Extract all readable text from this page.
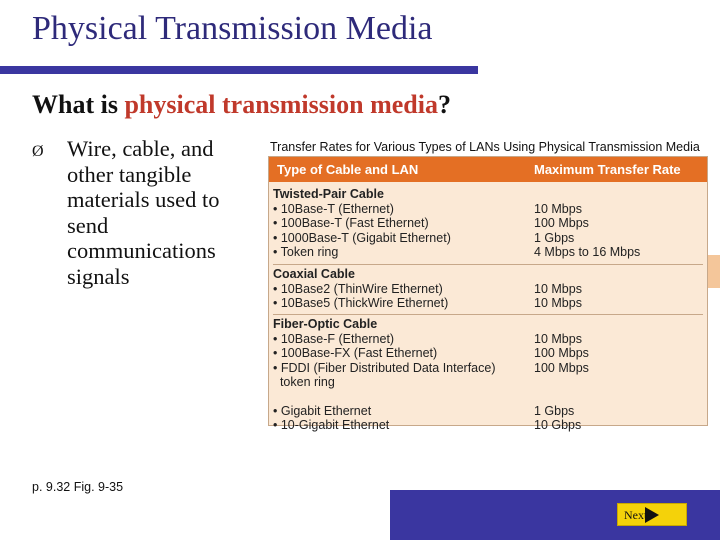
Physical Transmission Media
What is physical transmission media?
Ø Wire, cable, and other tangible materials used to send communications signals
Transfer Rates for Various Types of LANs Using Physical Transmission Media
Type of Cable and LAN	Maximum Transfer Rate
Twisted-Pair Cable
• 10Base-T (Ethernet)	10 Mbps
• 100Base-T (Fast Ethernet)	100 Mbps
• 1000Base-T (Gigabit Ethernet)	1 Gbps
• Token ring	4 Mbps to 16 Mbps
Coaxial Cable
• 10Base2 (ThinWire Ethernet)	10 Mbps
• 10Base5 (ThickWire Ethernet)	10 Mbps
Fiber-Optic Cable
• 10Base-F (Ethernet)	10 Mbps
• 100Base-FX (Fast Ethernet)	100 Mbps
• FDDI (Fiber Distributed Data Interface)	100 Mbps
token ring
• Gigabit Ethernet	1 Gbps
• 10-Gigabit Ethernet	10 Gbps
p. 9.32 Fig. 9-35
Next
